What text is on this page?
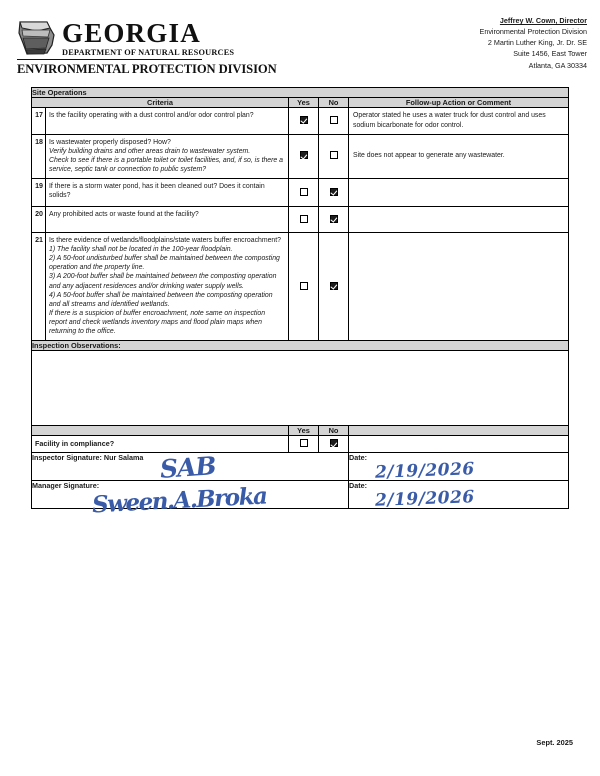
GEORGIA
DEPARTMENT OF NATURAL RESOURCES
ENVIRONMENTAL PROTECTION DIVISION
Jeffrey W. Cown, Director
Environmental Protection Division
2 Martin Luther King, Jr. Dr. SE
Suite 1456, East Tower
Atlanta, GA 30334
Site Operations				
Criteria		Yes	No	Follow-up Action or Comment
17	Is the facility operating with a dust control and/or odor control plan?			Operator stated he uses a water truck for dust control and uses sodium bicarbonate for odor control.
18	Is wastewater properly disposed? How?
Verify building drains and other areas drain to wastewater system.
Check to see if there is a portable toilet or toilet facilities, and, if so, is there a service, septic tank or connection to public system?			Site does not appear to generate any wastewater.
19	If there is a storm water pond, has it been cleaned out? Does it contain solids?			

20	Any prohibited acts or waste found at the facility?			

21	Is there evidence of wetlands/floodplains/state waters buffer encroachment?
1) The facility shall not be located in the 100-year floodplain.
2) A 50-foot undisturbed buffer shall be maintained between the composting operation and the property line.
3) A 200-foot buffer shall be maintained between the composting operation and any adjacent residences and/or drinking water supply wells.
4) A 50-foot buffer shall be maintained between the composting operation and all streams and identified wetlands.
If there is a suspicion of buffer encroachment, note same on inspection report and check wetlands inventory maps and flood plain maps when returning to the office.

Inspection Observations:				

		Yes	No	
Facility in compliance?				
Inspector Signature: Nur Salama SAB				Date:
2/19/2026

Manager Signature:
Sween.A.Broka				Date:
2/19/2026
Sept. 2025
